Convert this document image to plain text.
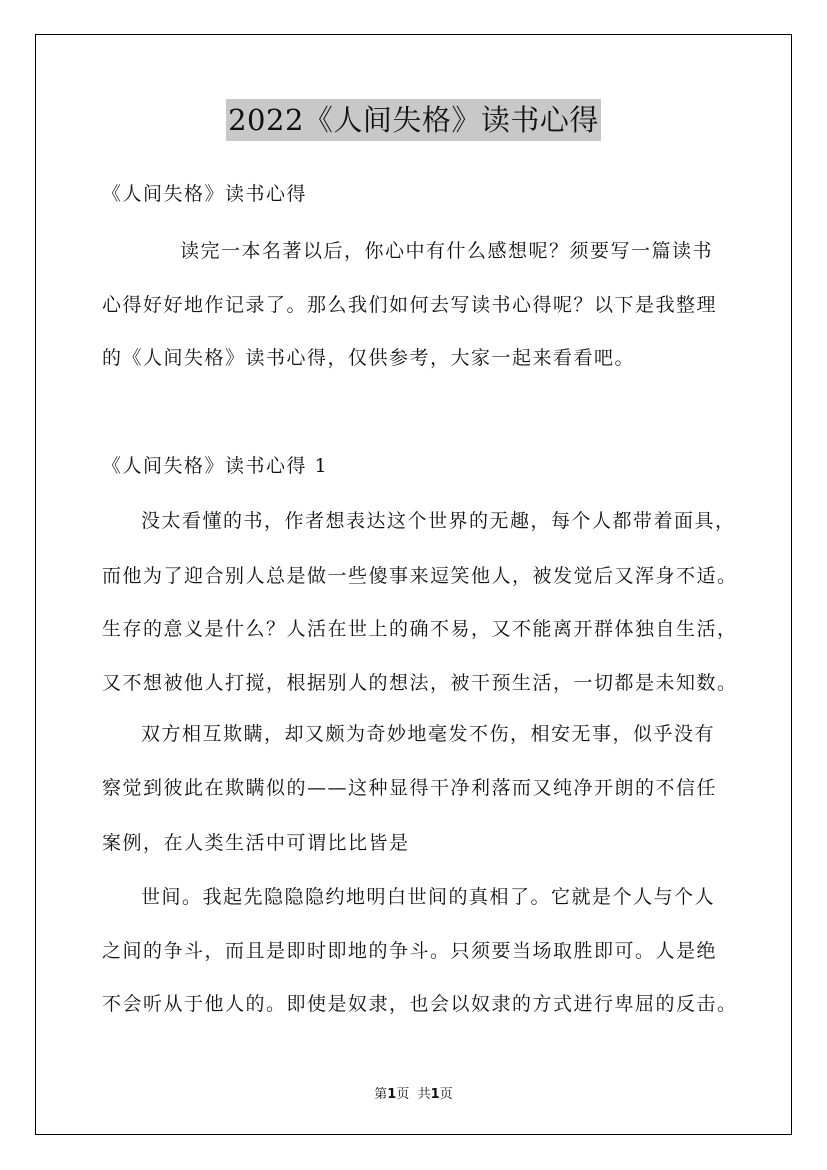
2022《人间失格》读书心得
《人间失格》读书心得
读完一本名著以后，你心中有什么感想呢？须要写一篇读书
心得好好地作记录了。那么我们如何去写读书心得呢？以下是我整理
的《人间失格》读书心得，仅供参考，大家一起来看看吧。
《人间失格》读书心得 1
没太看懂的书，作者想表达这个世界的无趣，每个人都带着面具，
而他为了迎合别人总是做一些傻事来逗笑他人，被发觉后又浑身不适。
生存的意义是什么？人活在世上的确不易，又不能离开群体独自生活，
又不想被他人打搅，根据别人的想法，被干预生活，一切都是未知数。
双方相互欺瞒，却又颇为奇妙地毫发不伤，相安无事，似乎没有
察觉到彼此在欺瞒似的——这种显得干净利落而又纯净开朗的不信任
案例，在人类生活中可谓比比皆是
世间。我起先隐隐隐约地明白世间的真相了。它就是个人与个人
之间的争斗，而且是即时即地的争斗。只须要当场取胜即可。人是绝
不会听从于他人的。即使是奴隶，也会以奴隶的方式进行卑屈的反击。
第1页 共1页
